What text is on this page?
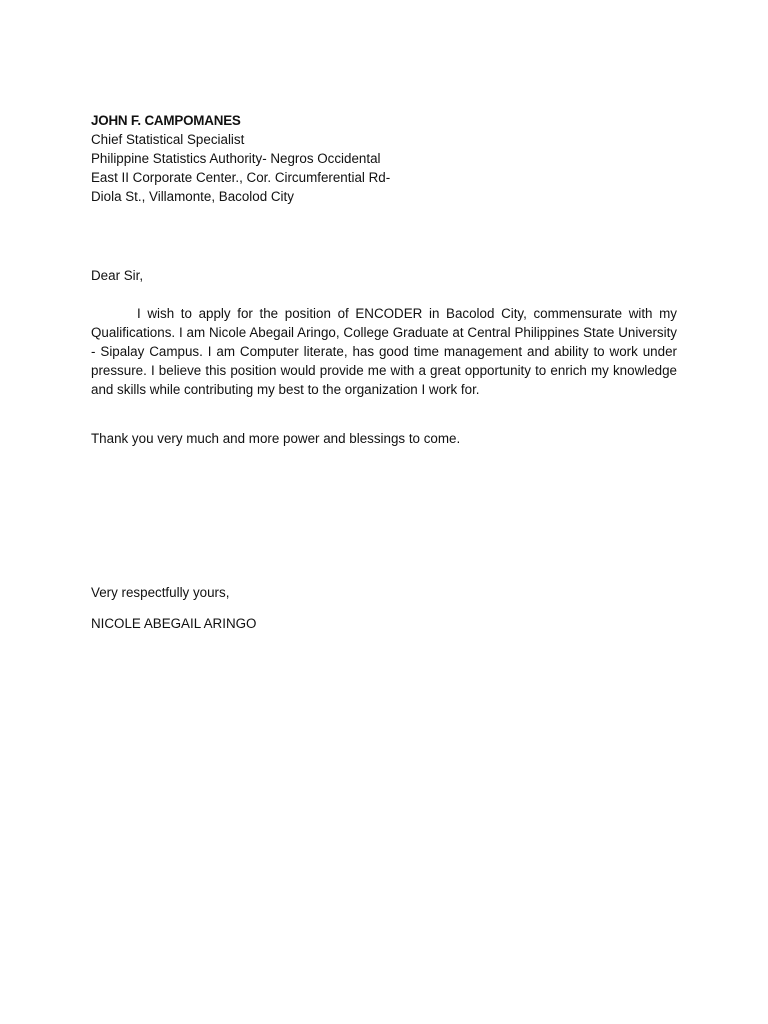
JOHN F. CAMPOMANES
Chief Statistical Specialist
Philippine Statistics Authority- Negros Occidental
East II Corporate Center., Cor. Circumferential Rd-
Diola St., Villamonte, Bacolod City
Dear Sir,

I wish to apply for the position of ENCODER in Bacolod City, commensurate with my Qualifications. I am Nicole Abegail Aringo, College Graduate at Central Philippines State University - Sipalay Campus. I am Computer literate, has good time management and ability to work under pressure. I believe this position would provide me with a great opportunity to enrich my knowledge and skills while contributing my best to the organization I work for.

Thank you very much and more power and blessings to come.
Very respectfully yours,
NICOLE ABEGAIL ARINGO
